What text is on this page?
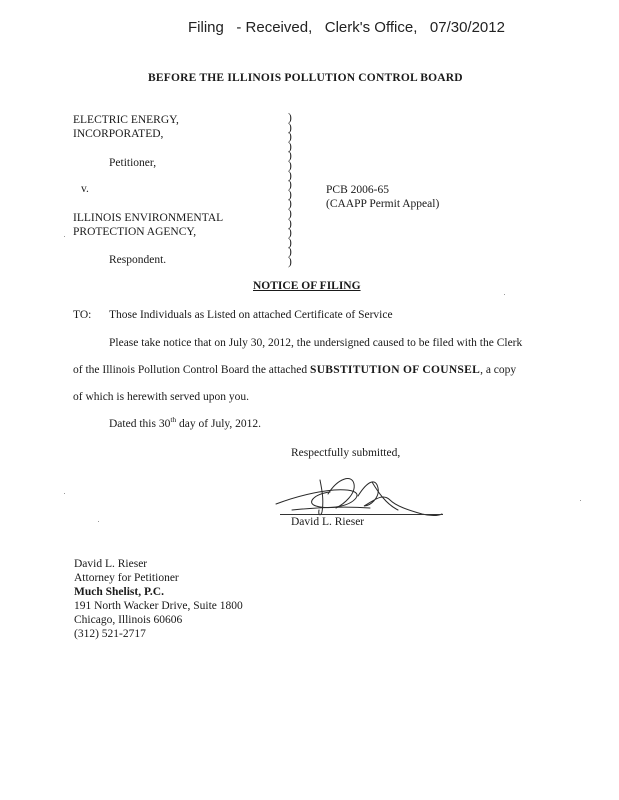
Filing - Received, Clerk's Office, 07/30/2012
BEFORE THE ILLINOIS POLLUTION CONTROL BOARD
ELECTRIC ENERGY,
INCORPORATED,
Petitioner,
v.
ILLINOIS ENVIRONMENTAL
PROTECTION AGENCY,
Respondent.
)
)
)
)
)
)
)
)
)
)
)
)
)
)
)
)
PCB 2006-65
(CAAPP Permit Appeal)
NOTICE OF FILING
TO: Those Individuals as Listed on attached Certificate of Service
Please take notice that on July 30, 2012, the undersigned caused to be filed with the Clerk
of the Illinois Pollution Control Board the attached SUBSTITUTION OF COUNSEL, a copy
of which is herewith served upon you.
Dated this 30th day of July, 2012.
Respectfully submitted,
David L. Rieser
David L. Rieser
Attorney for Petitioner
Much Shelist, P.C.
191 North Wacker Drive, Suite 1800
Chicago, Illinois 60606
(312) 521-2717
